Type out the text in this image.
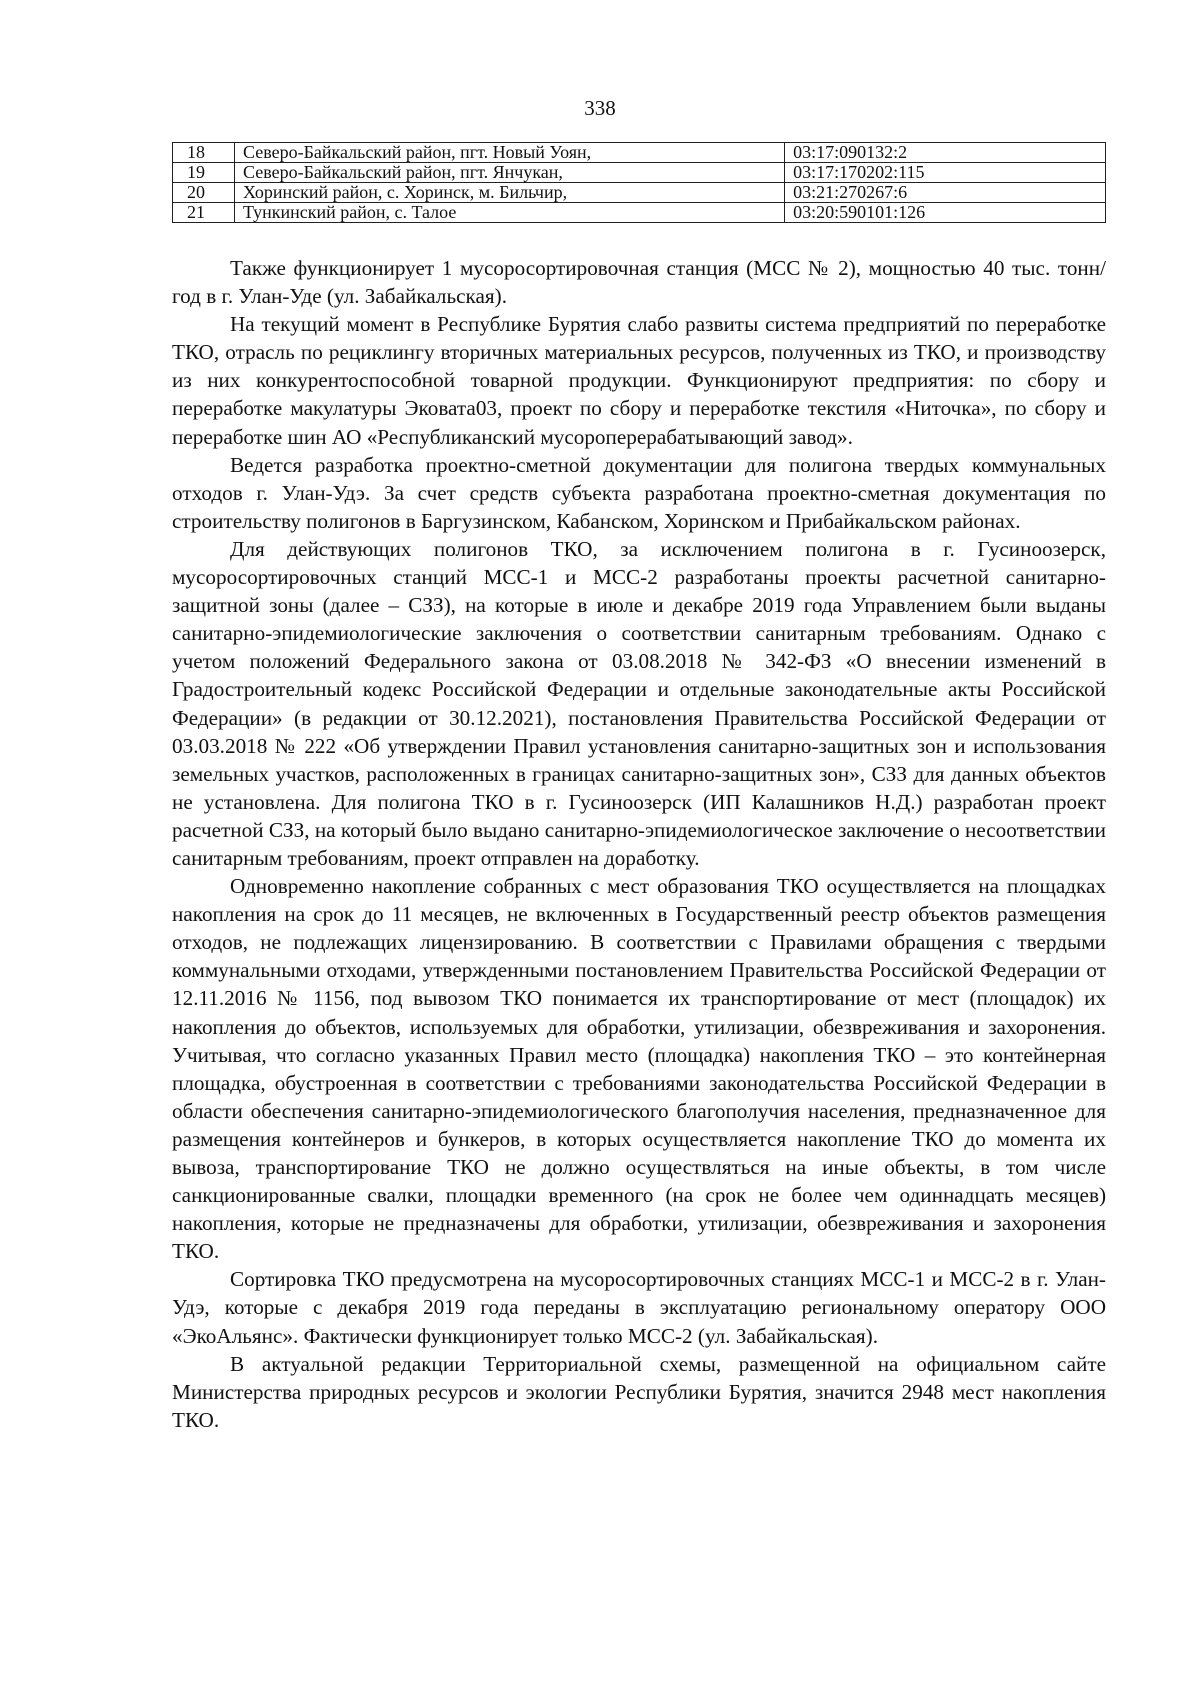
338
18	Северо-Байкальский район, пгт. Новый Уоян,	03:17:090132:2
19	Северо-Байкальский район, пгт. Янчукан,	03:17:170202:115
20	Хоринский район, с. Хоринск, м. Бильчир,	03:21:270267:6
21	Тункинский район, с. Талое	03:20:590101:126

Также функционирует 1 мусоросортировочная станция (МСС № 2), мощностью 40 тыс. тонн/год в г. Улан-Уде (ул. Забайкальская).

На текущий момент в Республике Бурятия слабо развиты система предприятий по переработке ТКО, отрасль по рециклингу вторичных материальных ресурсов, полученных из ТКО, и производству из них конкурентоспособной товарной продукции. Функционируют предприятия: по сбору и переработке макулатуры Эковата03, проект по сбору и переработке текстиля «Ниточка», по сбору и переработке шин АО «Республиканский мусороперерабатывающий завод».

Ведется разработка проектно-сметной документации для полигона твердых коммунальных отходов г. Улан-Удэ. За счет средств субъекта разработана проектно-сметная документация по строительству полигонов в Баргузинском, Кабанском, Хоринском и Прибайкальском районах.

Для действующих полигонов ТКО, за исключением полигона в г. Гусиноозерск, мусоросортировочных станций МСС-1 и МСС-2 разработаны проекты расчетной санитарно- защитной зоны (далее – СЗЗ), на которые в июле и декабре 2019 года Управлением были выданы санитарно-эпидемиологические заключения о соответствии санитарным требованиям. Однако с учетом положений Федерального закона от 03.08.2018 № 342-ФЗ «О внесении изменений в Градостроительный кодекс Российской Федерации и отдельные законодательные акты Российской Федерации» (в редакции от 30.12.2021), постановления Правительства Российской Федерации от 03.03.2018 № 222 «Об утверждении Правил установления санитарно-защитных зон и использования земельных участков, расположенных в границах санитарно-защитных зон», СЗЗ для данных объектов не установлена. Для полигона ТКО в г. Гусиноозерск (ИП Калашников Н.Д.) разработан проект расчетной СЗЗ, на который было выдано санитарно-эпидемиологическое заключение о несоответствии санитарным требованиям, проект отправлен на доработку.

Одновременно накопление собранных с мест образования ТКО осуществляется на площадках накопления на срок до 11 месяцев, не включенных в Государственный реестр объектов размещения отходов, не подлежащих лицензированию. В соответствии с Правилами обращения с твердыми коммунальными отходами, утвержденными постановлением Правительства Российской Федерации от 12.11.2016 № 1156, под вывозом ТКО понимается их транспортирование от мест (площадок) их накопления до объектов, используемых для обработки, утилизации, обезвреживания и захоронения. Учитывая, что согласно указанных Правил место (площадка) накопления ТКО – это контейнерная площадка, обустроенная в соответствии с требованиями законодательства Российской Федерации в области обеспечения санитарно-эпидемиологического благополучия населения, предназначенное для размещения контейнеров и бункеров, в которых осуществляется накопление ТКО до момента их вывоза, транспортирование ТКО не должно осуществляться на иные объекты, в том числе санкционированные свалки, площадки временного (на срок не более чем одиннадцать месяцев) накопления, которые не предназначены для обработки, утилизации, обезвреживания и захоронения ТКО.

Сортировка ТКО предусмотрена на мусоросортировочных станциях МСС-1 и МСС-2 в г. Улан-Удэ, которые с декабря 2019 года переданы в эксплуатацию региональному оператору ООО «ЭкоАльянс». Фактически функционирует только МСС-2 (ул. Забайкальская).

В актуальной редакции Территориальной схемы, размещенной на официальном сайте Министерства природных ресурсов и экологии Республики Бурятия, значится 2948 мест накопления ТКО.
